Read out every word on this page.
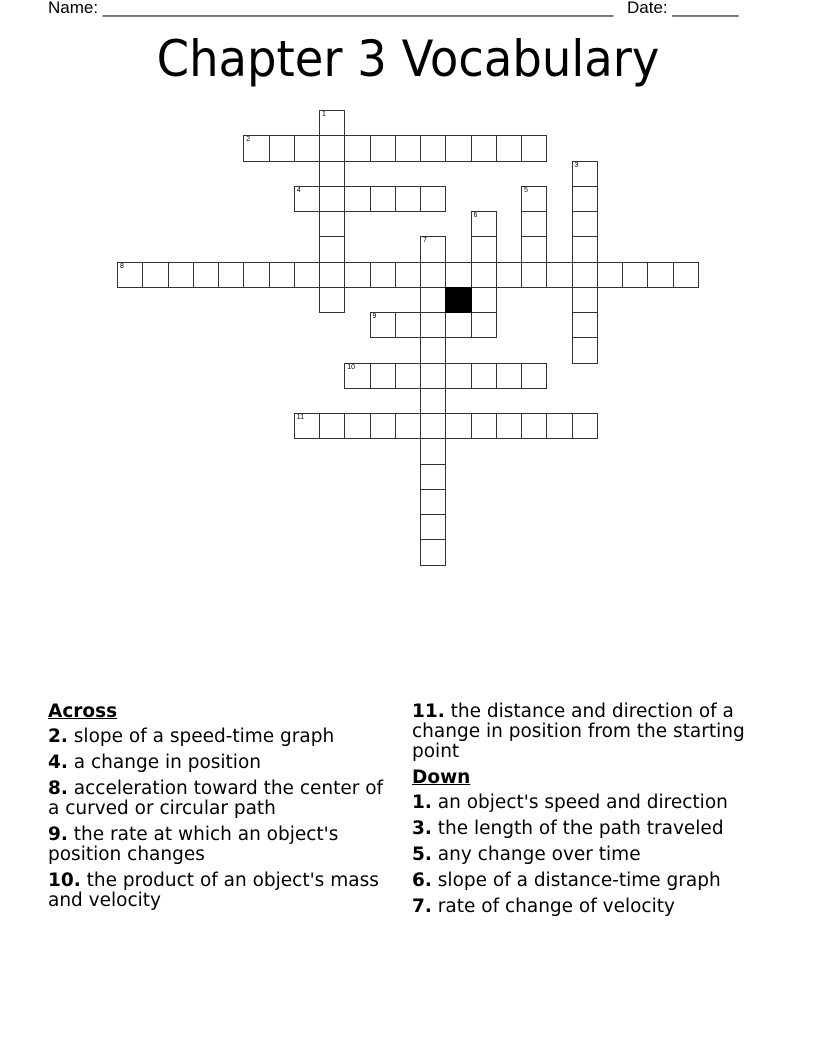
Name: ______________________________________________________ Date: _______
Chapter 3 Vocabulary
1
2
3
4	5
6
7
8
9
10
11
Across
2. slope of a speed-time graph
4. a change in position
8. acceleration toward the center of a curved or circular path
9. the rate at which an object's position changes
10. the product of an object's mass and velocity
11. the distance and direction of a change in position from the starting point
Down
1. an object's speed and direction
3. the length of the path traveled
5. any change over time
6. slope of a distance-time graph
7. rate of change of velocity
